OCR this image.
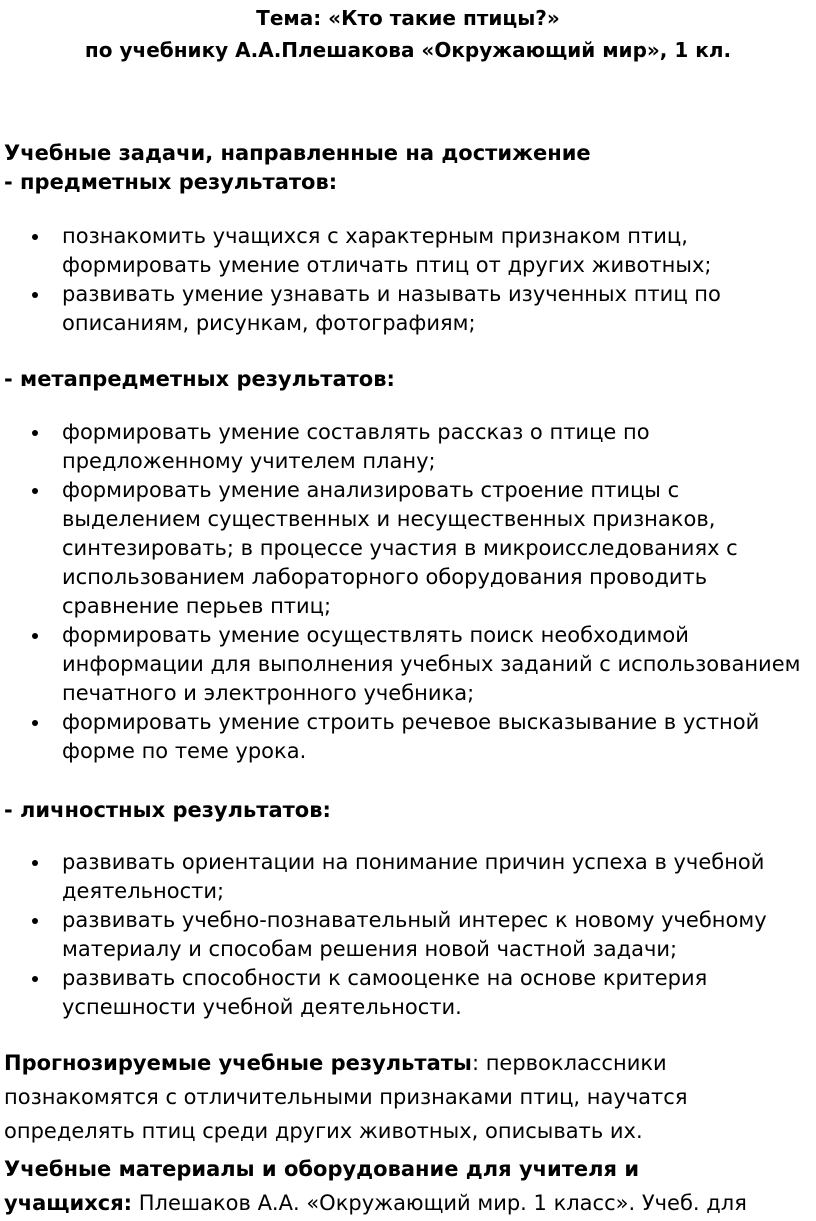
Тема: «Кто такие птицы?»

по учебнику А.А.Плешакова «Окружающий мир», 1 кл.

Учебные задачи, направленные на достижение

- предметных результатов:

познакомить учащихся с характерным признаком птиц,
формировать умение отличать птиц от других животных;
развивать умение узнавать и называть изученных птиц по
описаниям, рисункам, фотографиям;

- метапредметных результатов:

формировать умение составлять рассказ о птице по
предложенному учителем плану;
формировать умение анализировать строение птицы с
выделением существенных и несущественных признаков,
синтезировать; в процессе участия в микроисследованиях с
использованием лабораторного оборудования проводить
сравнение перьев птиц;
формировать умение осуществлять поиск необходимой
информации для выполнения учебных заданий с использованием
печатного и электронного учебника;
формировать умение строить речевое высказывание в устной
форме по теме урока.

- личностных результатов:

развивать ориентации на понимание причин успеха в учебной
деятельности;
развивать учебно-познавательный интерес к новому учебному
материалу и способам решения новой частной задачи;
развивать способности к самооценке на основе критерия
успешности учебной деятельности.
Прогнозируемые учебные результаты: первоклассники
познакомятся с отличительными признаками птиц, научатся
определять птиц среди других животных, описывать их.
Учебные материалы и оборудование для учителя и
учащихся: Плешаков А.А. «Окружающий мир. 1 класс». Учеб. для
